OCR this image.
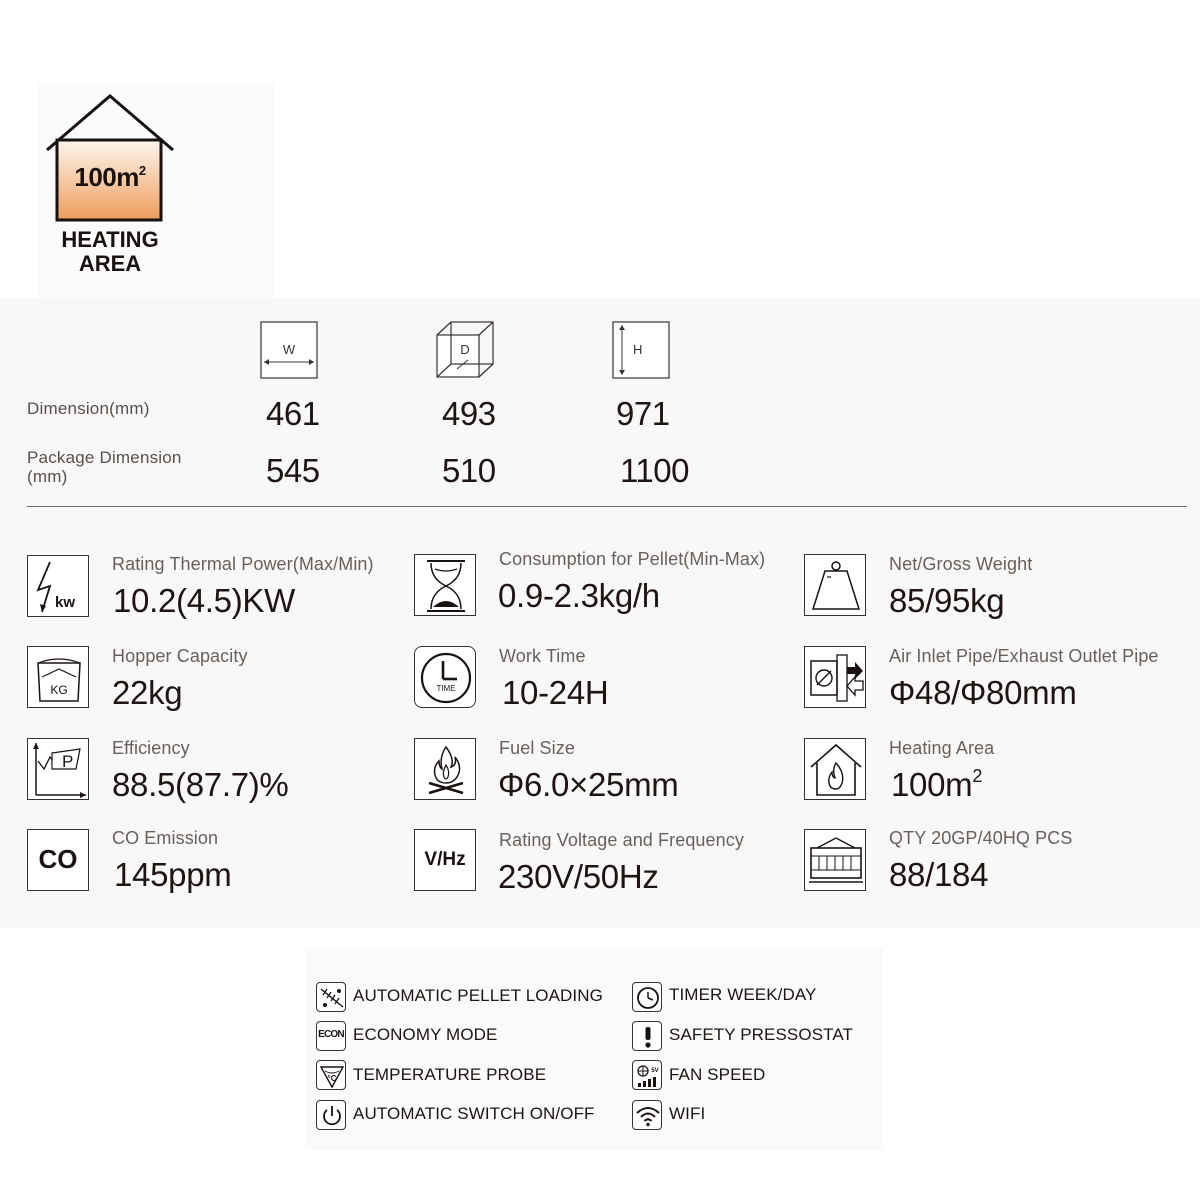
$100m^2$
HEATING
AREA
W	D	H
Dimension(mm)	461	493	971
Package Dimension (mm)	545	510	1100
kw
Rating Thermal Power(Max/Min)
10.2(4.5)KW
KG
Hopper Capacity
22kg
P
Efficiency
88.5(87.7)%
CO
CO Emission
145ppm
Consumption for Pellet(Min-Max)
0.9-2.3kg/h
TIME
Work Time
10-24H
Fuel Size
Φ6.0×25mm
V/Hz
Rating Voltage and Frequency
230V/50Hz
Net/Gross Weight
85/95kg
Air Inlet Pipe/Exhaust Outlet Pipe
Φ48/Φ80mm
Heating Area
$100m^2$
QTY 20GP/40HQ PCS
88/184
AUTOMATIC PELLET LOADING
ECON ECONOMY MODE
°C TEMPERATURE PROBE
AUTOMATIC SWITCH ON/OFF
TIMER WEEK/DAY
SAFETY PRESSOSTAT
5V FAN SPEED
WIFI
